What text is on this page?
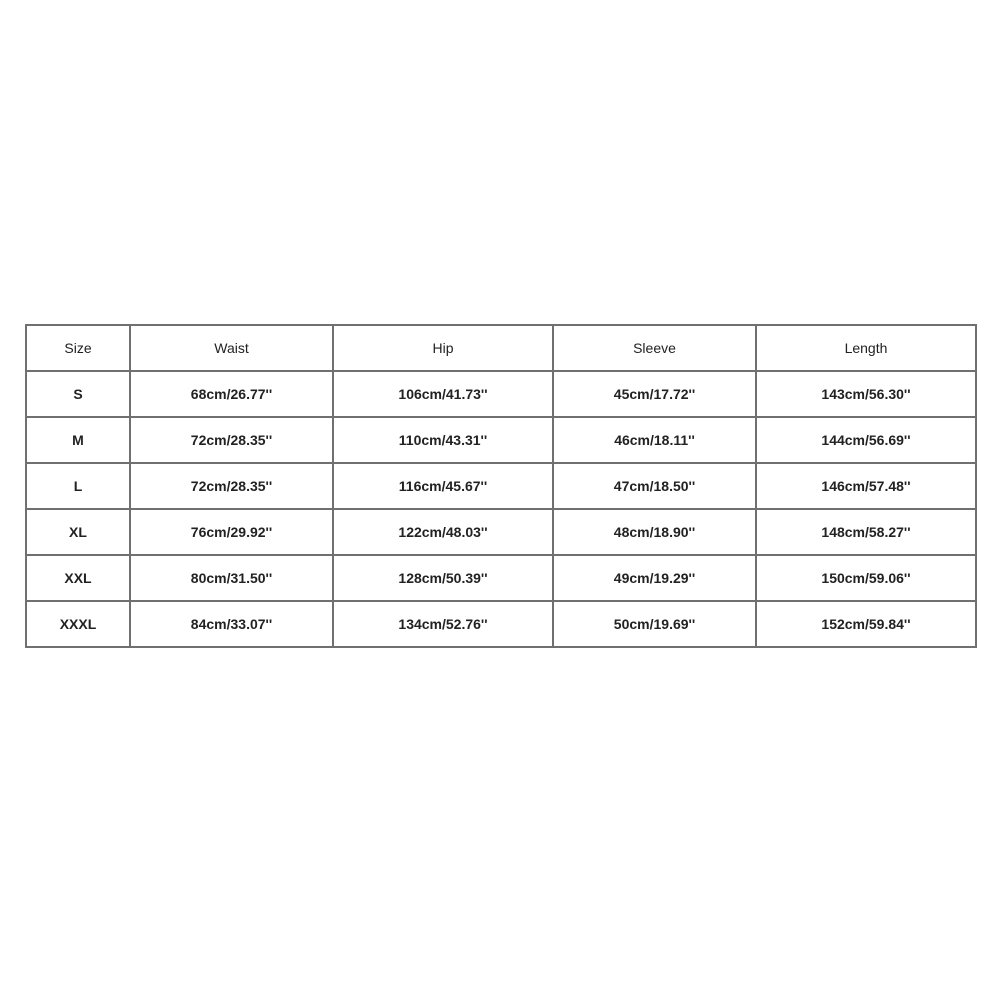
Size	Waist	Hip	Sleeve	Length
S	68cm/26.77''	106cm/41.73''	45cm/17.72''	143cm/56.30''
M	72cm/28.35''	110cm/43.31''	46cm/18.11''	144cm/56.69''
L	72cm/28.35''	116cm/45.67''	47cm/18.50''	146cm/57.48''
XL	76cm/29.92''	122cm/48.03''	48cm/18.90''	148cm/58.27''
XXL	80cm/31.50''	128cm/50.39''	49cm/19.29''	150cm/59.06''
XXXL	84cm/33.07''	134cm/52.76''	50cm/19.69''	152cm/59.84''
